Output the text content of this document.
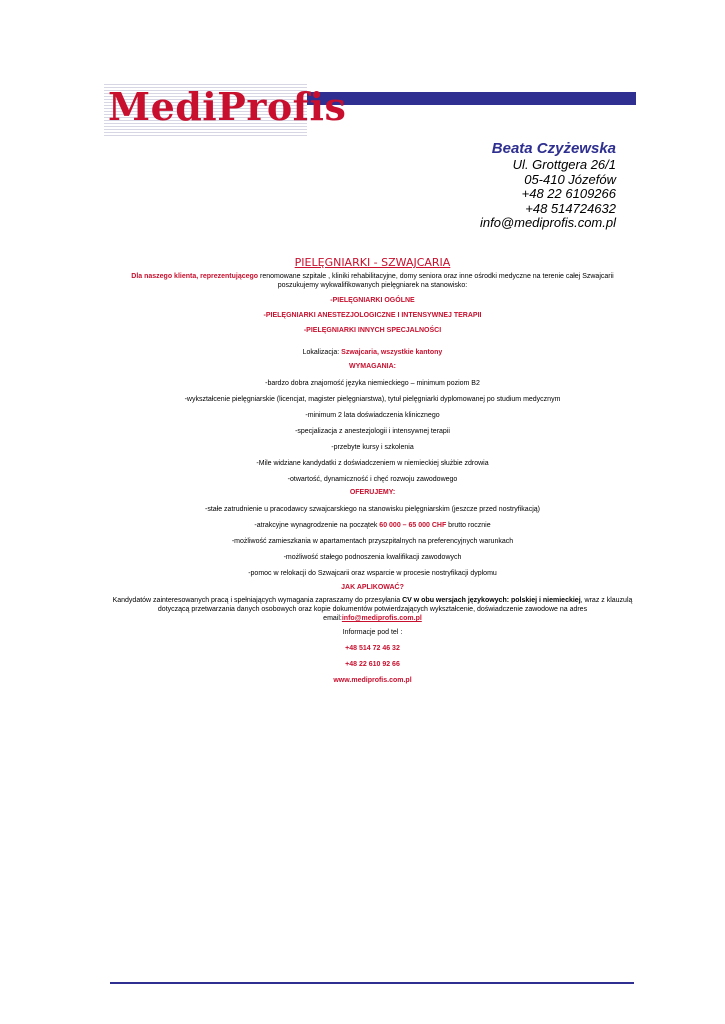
MediProfis
Beata Czyżewska
Ul. Grottgera 26/1
05-410 Józefów
+48 22 6109266
+48 514724632
info@mediprofis.com.pl
PIELĘGNIARKI - SZWAJCARIA

Dla naszego klienta, reprezentującego renomowane szpitale , kliniki rehabilitacyjne, domy seniora oraz inne ośrodki medyczne na terenie całej Szwajcarii poszukujemy wykwalifikowanych pielęgniarek na stanowisko:

-PIELĘGNIARKI OGÓLNE
-PIELĘGNIARKI ANESTEZJOLOGICZNE I INTENSYWNEJ TERAPII
-PIELĘGNIARKI INNYCH SPECJALNOŚCI
Lokalizacja: Szwajcaria, wszystkie kantony
WYMAGANIA:
-bardzo dobra znajomość języka niemieckiego – minimum poziom B2
-wykształcenie pielęgniarskie (licencjat, magister pielęgniarstwa), tytuł pielęgniarki dyplomowanej po studium medycznym
-minimum 2 lata doświadczenia klinicznego
-specjalizacja z anestezjologii i intensywnej terapii
-przebyte kursy i szkolenia
-Mile widziane kandydatki z doświadczeniem w niemieckiej służbie zdrowia
-otwartość, dynamiczność i chęć rozwoju zawodowego
OFERUJEMY:
-stałe zatrudnienie u pracodawcy szwajcarskiego na stanowisku pielęgniarskim (jeszcze przed nostryfikacją)
-atrakcyjne wynagrodzenie na początek 60 000 – 65 000 CHF brutto rocznie
-możliwość zamieszkania w apartamentach przyszpitalnych na preferencyjnych warunkach
-możliwość stałego podnoszenia kwalifikacji zawodowych
-pomoc w relokacji do Szwajcarii oraz wsparcie w procesie nostryfikacji dyplomu
JAK APLIKOWAĆ?

Kandydatów zainteresowanych pracą i spełniających wymagania zapraszamy do przesyłania CV w obu wersjach językowych: polskiej i niemieckiej, wraz z klauzulą dotyczącą przetwarzania danych osobowych oraz kopie dokumentów potwierdzających wykształcenie, doświadczenie zawodowe na adres email:info@mediprofis.com.pl

Informacje pod tel :
+48 514 72 46 32
+48 22 610 92 66
www.mediprofis.com.pl
